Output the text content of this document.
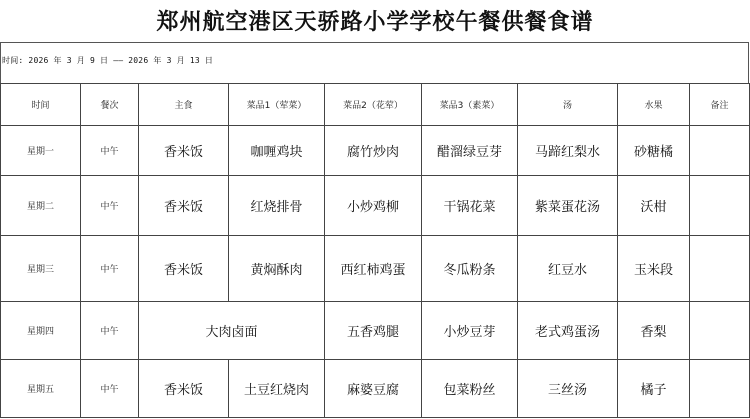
郑州航空港区天骄路小学学校午餐供餐食谱
时间: 2026 年 3 月 9 日 —— 2026 年 3 月 13 日
时间	餐次	主食	菜品1（荤菜）	菜品2（花荤）	菜品3（素菜）	汤	水果	备注
星期一	中午	香米饭	咖喱鸡块	腐竹炒肉	醋溜绿豆芽	马蹄红梨水	砂糖橘	
星期二	中午	香米饭	红烧排骨	小炒鸡柳	干锅花菜	紫菜蛋花汤	沃柑	
星期三	中午	香米饭	黄焖酥肉	西红柿鸡蛋	冬瓜粉条	红豆水	玉米段	
星期四	中午	大肉卤面		五香鸡腿	小炒豆芽	老式鸡蛋汤	香梨	
星期五	中午	香米饭	土豆红烧肉	麻婆豆腐	包菜粉丝	三丝汤	橘子	
